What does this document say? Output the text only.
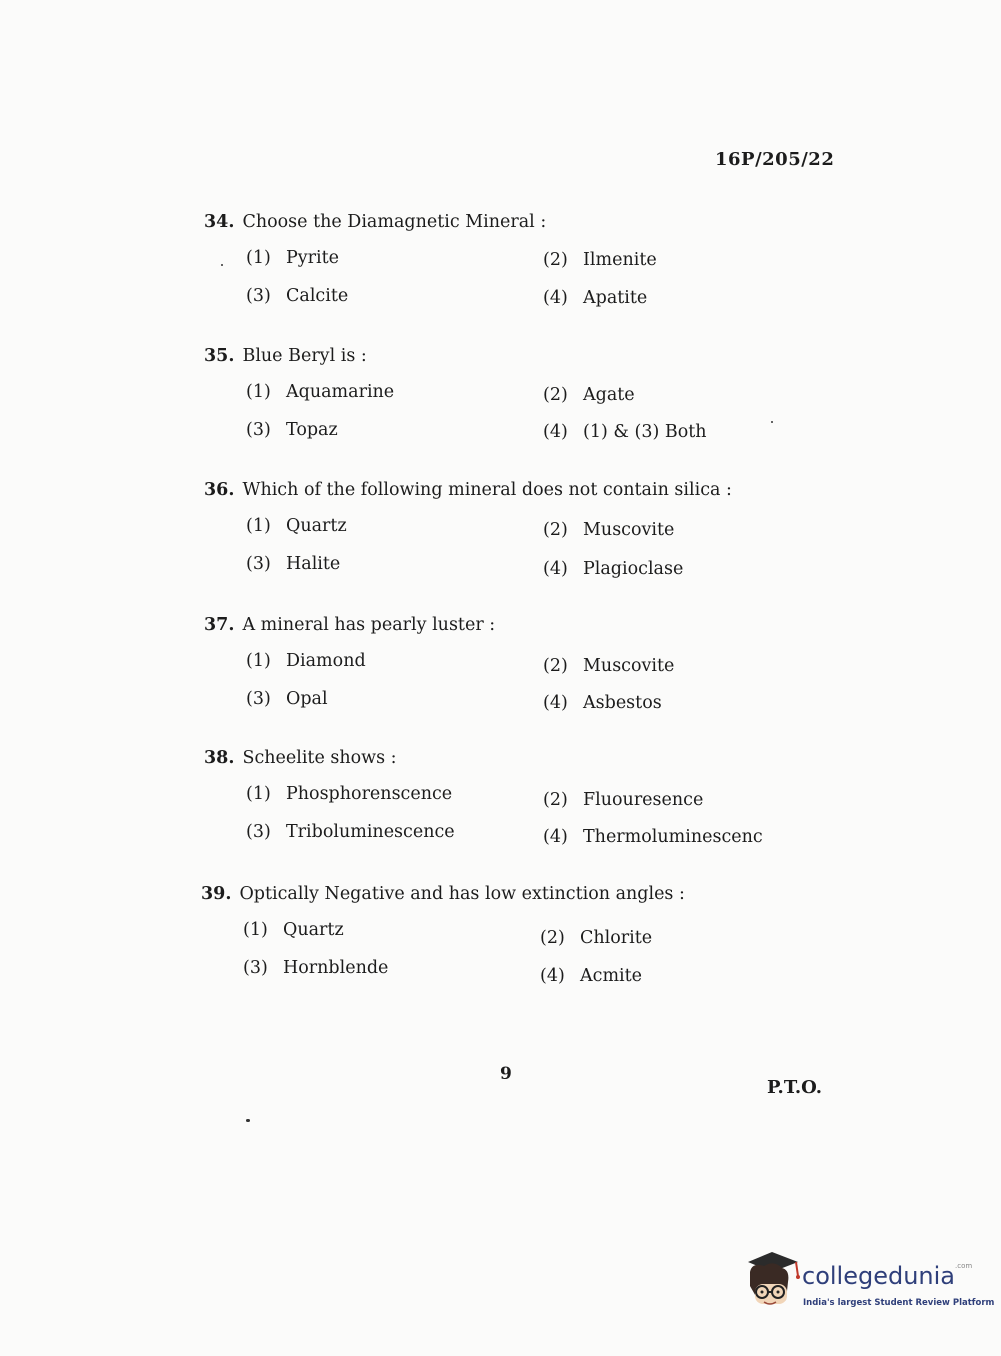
16P/205/22
34. Choose the Diamagnetic Mineral :
(1) Pyrite	(2) Ilmenite
(3) Calcite	(4) Apatite
35. Blue Beryl is :
(1) Aquamarine	(2) Agate
(3) Topaz	(4) (1) & (3) Both
36. Which of the following mineral does not contain silica :
(1) Quartz	(2) Muscovite
(3) Halite	(4) Plagioclase
37. A mineral has pearly luster :
(1) Diamond	(2) Muscovite
(3) Opal	(4) Asbestos
38. Scheelite shows :
(1) Phosphorenscence	(2) Fluouresence
(3) Triboluminescence	(4) Thermoluminescenc
39. Optically Negative and has low extinction angles :
(1) Quartz	(2) Chlorite
(3) Hornblende	(4) Acmite
9
P.T.O.
collegedunia$^{.com}$
India's largest Student Review Platform
